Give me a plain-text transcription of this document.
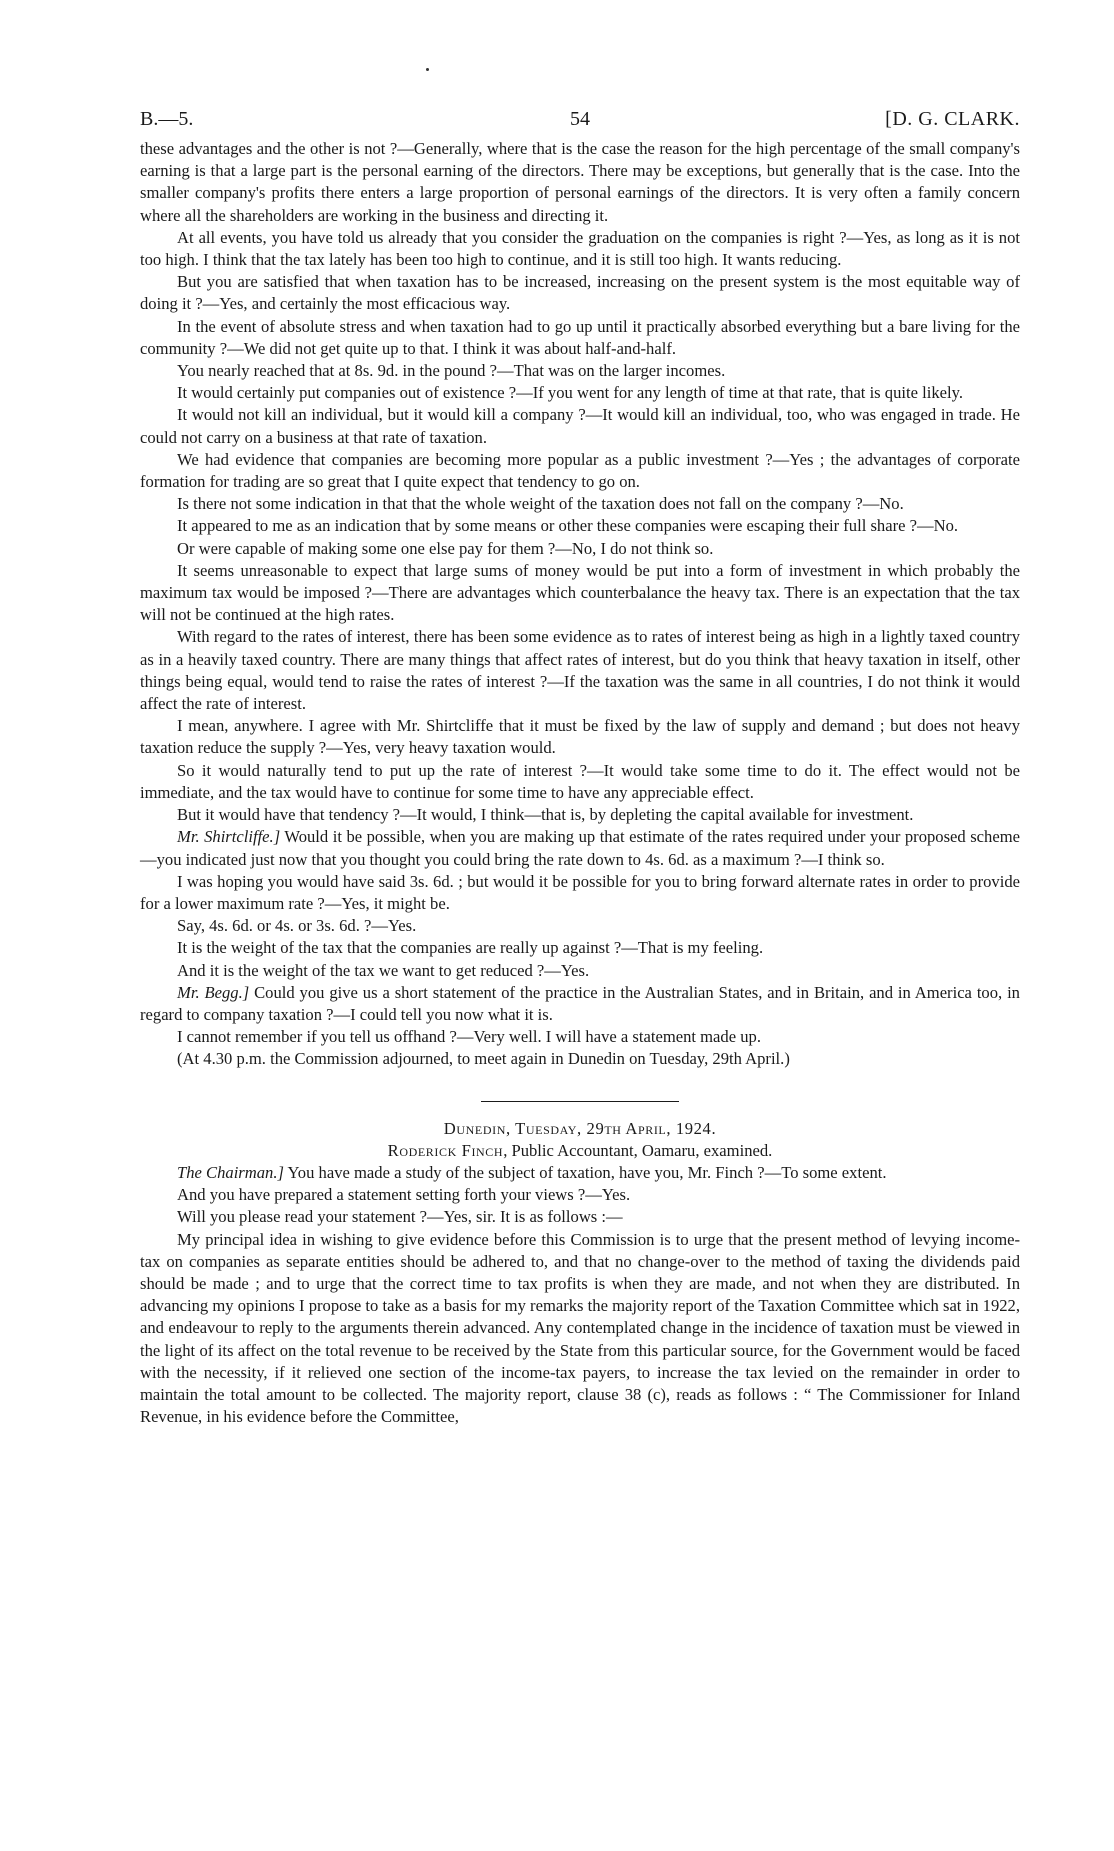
B.—5.	54	[D. G. CLARK.

these advantages and the other is not ?—Generally, where that is the case the reason for the high percentage of the small company's earning is that a large part is the personal earning of the directors. There may be exceptions, but generally that is the case. Into the smaller company's profits there enters a large proportion of personal earnings of the directors. It is very often a family concern where all the shareholders are working in the business and directing it.

At all events, you have told us already that you consider the graduation on the companies is right ?—Yes, as long as it is not too high. I think that the tax lately has been too high to continue, and it is still too high. It wants reducing.

But you are satisfied that when taxation has to be increased, increasing on the present system is the most equitable way of doing it ?—Yes, and certainly the most efficacious way.

In the event of absolute stress and when taxation had to go up until it practically absorbed everything but a bare living for the community ?—We did not get quite up to that. I think it was about half-and-half.

You nearly reached that at 8s. 9d. in the pound ?—That was on the larger incomes.

It would certainly put companies out of existence ?—If you went for any length of time at that rate, that is quite likely.

It would not kill an individual, but it would kill a company ?—It would kill an individual, too, who was engaged in trade. He could not carry on a business at that rate of taxation.

We had evidence that companies are becoming more popular as a public investment ?—Yes ; the advantages of corporate formation for trading are so great that I quite expect that tendency to go on.

Is there not some indication in that that the whole weight of the taxation does not fall on the company ?—No.

It appeared to me as an indication that by some means or other these companies were escaping their full share ?—No.

Or were capable of making some one else pay for them ?—No, I do not think so.

It seems unreasonable to expect that large sums of money would be put into a form of investment in which probably the maximum tax would be imposed ?—There are advantages which counterbalance the heavy tax. There is an expectation that the tax will not be continued at the high rates.

With regard to the rates of interest, there has been some evidence as to rates of interest being as high in a lightly taxed country as in a heavily taxed country. There are many things that affect rates of interest, but do you think that heavy taxation in itself, other things being equal, would tend to raise the rates of interest ?—If the taxation was the same in all countries, I do not think it would affect the rate of interest.

I mean, anywhere. I agree with Mr. Shirtcliffe that it must be fixed by the law of supply and demand ; but does not heavy taxation reduce the supply ?—Yes, very heavy taxation would.

So it would naturally tend to put up the rate of interest ?—It would take some time to do it. The effect would not be immediate, and the tax would have to continue for some time to have any appreciable effect.

But it would have that tendency ?—It would, I think—that is, by depleting the capital available for investment.

Mr. Shirtcliffe.] Would it be possible, when you are making up that estimate of the rates required under your proposed scheme—you indicated just now that you thought you could bring the rate down to 4s. 6d. as a maximum ?—I think so.

I was hoping you would have said 3s. 6d. ; but would it be possible for you to bring forward alternate rates in order to provide for a lower maximum rate ?—Yes, it might be.

Say, 4s. 6d. or 4s. or 3s. 6d. ?—Yes.

It is the weight of the tax that the companies are really up against ?—That is my feeling.

And it is the weight of the tax we want to get reduced ?—Yes.

Mr. Begg.] Could you give us a short statement of the practice in the Australian States, and in Britain, and in America too, in regard to company taxation ?—I could tell you now what it is.

I cannot remember if you tell us offhand ?—Very well. I will have a statement made up.

(At 4.30 p.m. the Commission adjourned, to meet again in Dunedin on Tuesday, 29th April.)

Dunedin, Tuesday, 29th April, 1924.

Roderick Finch, Public Accountant, Oamaru, examined.

The Chairman.] You have made a study of the subject of taxation, have you, Mr. Finch ?—To some extent.

And you have prepared a statement setting forth your views ?—Yes.

Will you please read your statement ?—Yes, sir. It is as follows :—

My principal idea in wishing to give evidence before this Commission is to urge that the present method of levying income-tax on companies as separate entities should be adhered to, and that no change-over to the method of taxing the dividends paid should be made ; and to urge that the correct time to tax profits is when they are made, and not when they are distributed. In advancing my opinions I propose to take as a basis for my remarks the majority report of the Taxation Committee which sat in 1922, and endeavour to reply to the arguments therein advanced. Any contemplated change in the incidence of taxation must be viewed in the light of its affect on the total revenue to be received by the State from this particular source, for the Government would be faced with the necessity, if it relieved one section of the income-tax payers, to increase the tax levied on the remainder in order to maintain the total amount to be collected. The majority report, clause 38 (c), reads as follows : “ The Commissioner for Inland Revenue, in his evidence before the Committee,
